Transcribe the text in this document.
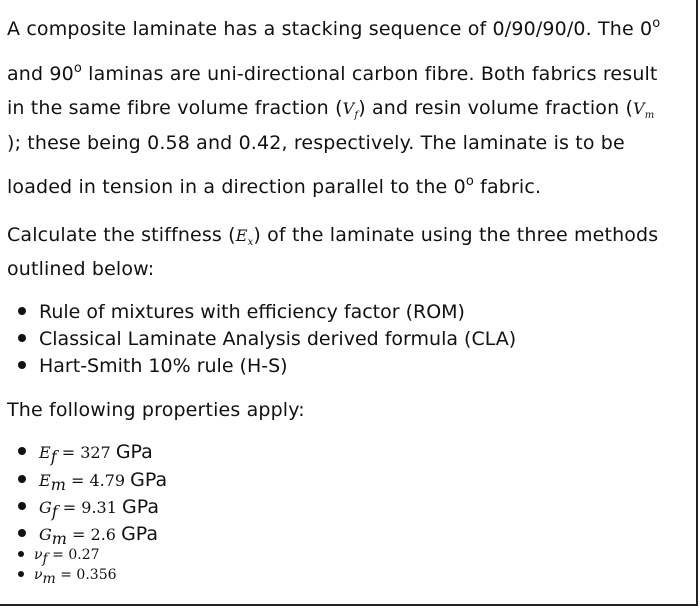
A composite laminate has a stacking sequence of 0/90/90/0. The 0$^o$
and 90$^o$ laminas are uni-directional carbon fibre. Both fabrics result
in the same fibre volume fraction $(V_f)$ and resin volume fraction ($V_m$
); these being 0.58 and 0.42, respectively. The laminate is to be
loaded in tension in a direction parallel to the 0$^o$ fabric.
Calculate the stiffness $(E_x)$ of the laminate using the three methods
outlined below:
Rule of mixtures with efficiency factor (ROM)
Classical Laminate Analysis derived formula (CLA)
Hart-Smith 10% rule (H-S)
The following properties apply:
$E_f = 327$ GPa
$E_m = 4.79$ GPa
$G_f = 9.31$ GPa
$G_m = 2.6$ GPa
νf = 0.27
νm = 0.356
